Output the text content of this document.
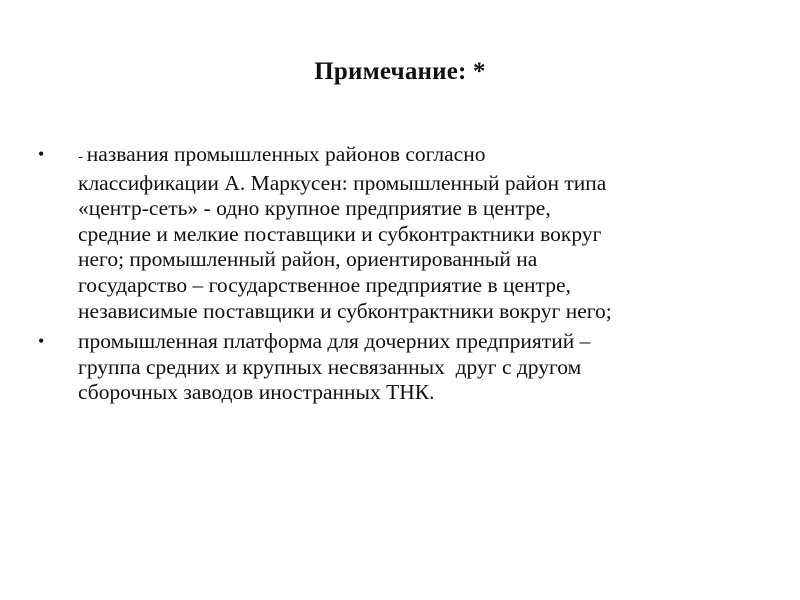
Примечание: *
• - названия промышленных районов согласно
классификации А. Маркусен: промышленный район типа
«центр-сеть» - одно крупное предприятие в центре,
средние и мелкие поставщики и субконтрактники вокруг
него; промышленный район, ориентированный на
государство – государственное предприятие в центре,
независимые поставщики и субконтрактники вокруг него;
• промышленная платформа для дочерних предприятий –
группа средних и крупных несвязанных  друг с другом
сборочных заводов иностранных ТНК.
